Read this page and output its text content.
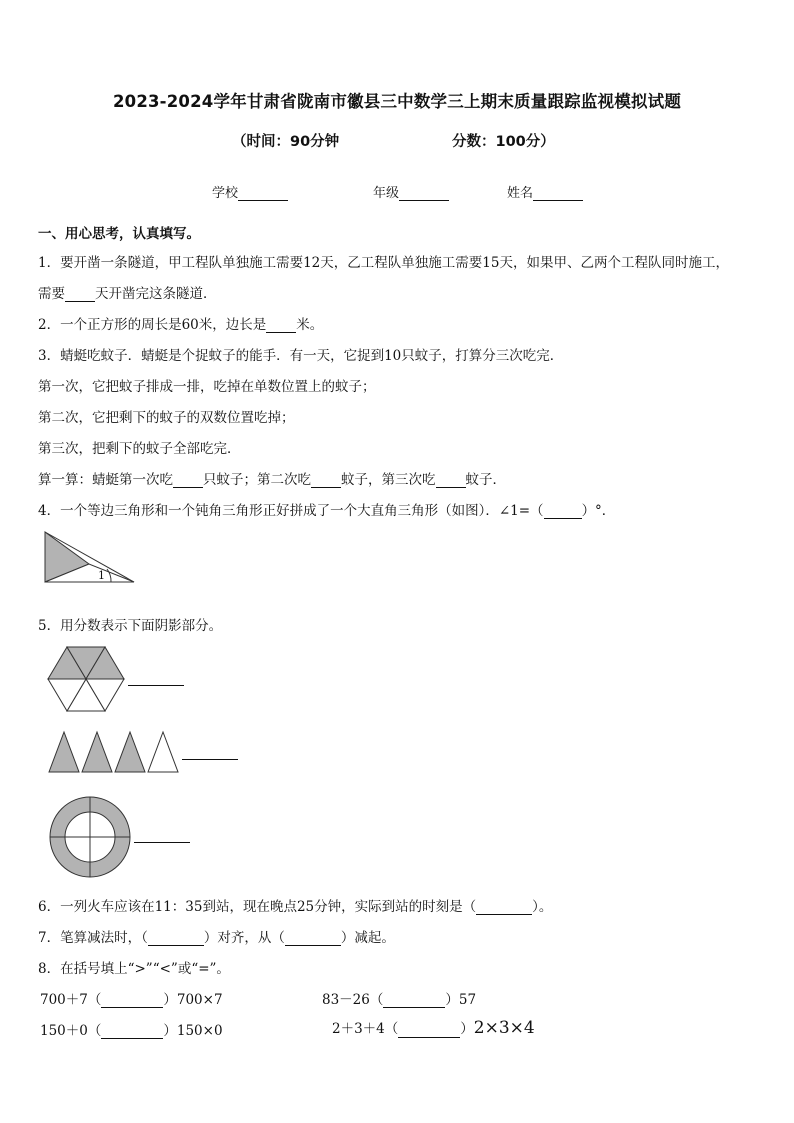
2023-2024学年甘肃省陇南市徽县三中数学三上期末质量跟踪监视模拟试题
（时间：90分钟	分数：100分）
学校	年级	姓名
一、用心思考，认真填写。
1．要开凿一条隧道，甲工程队单独施工需要12天，乙工程队单独施工需要15天，如果甲、乙两个工程队同时施工，
需要 天开凿完这条隧道．
2．一个正方形的周长是60米，边长是 米。
3．蜻蜓吃蚊子．蜻蜓是个捉蚊子的能手．有一天，它捉到10只蚊子，打算分三次吃完．
第一次，它把蚊子排成一排，吃掉在单数位置上的蚊子；
第二次，它把剩下的蚊子的双数位置吃掉；
第三次，把剩下的蚊子全部吃完．
算一算：蜻蜓第一次吃 只蚊子；第二次吃 蚊子，第三次吃 蚊子．
4．一个等边三角形和一个钝角三角形正好拼成了一个大直角三角形（如图）．∠1=（	）°．
1
5．用分数表示下面阴影部分。
6．一列火车应该在11：35到站，现在晚点25分钟，实际到站的时刻是（	）。
7．笔算减法时，（	）对齐，从（	）减起。
8．在括号填上“>”“<”或“=”。
700＋7（	）700×7	83－26（	）57
150＋0（	）150×0	2＋3＋4（	）2×3×4
